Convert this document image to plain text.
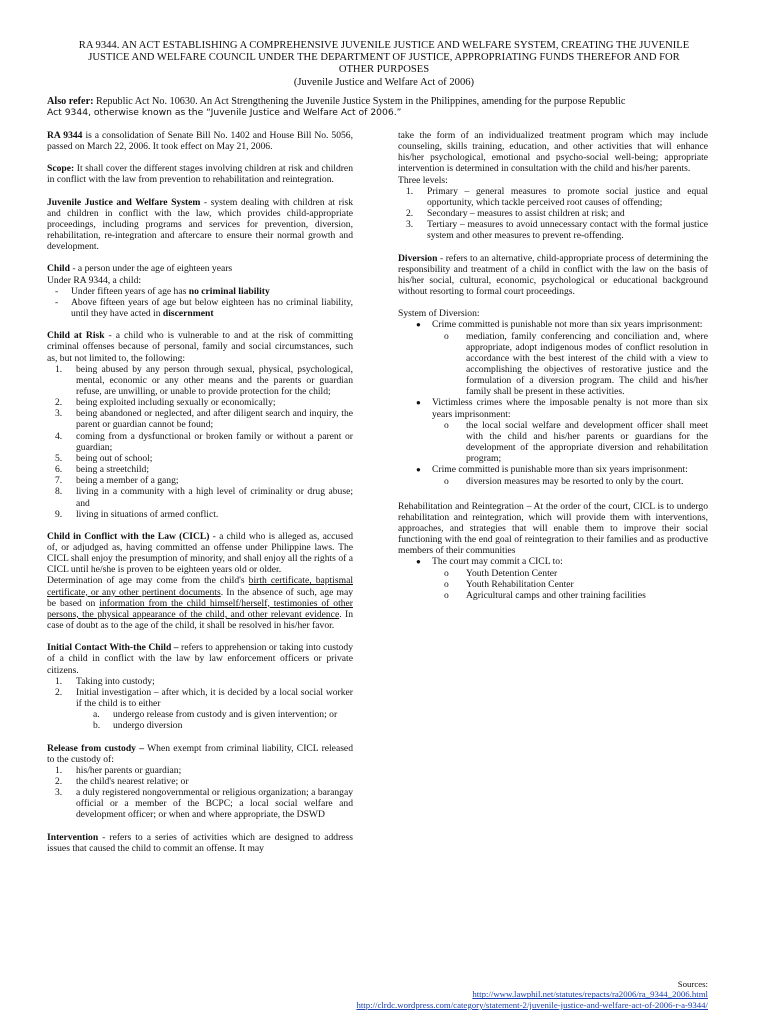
RA 9344. AN ACT ESTABLISHING A COMPREHENSIVE JUVENILE JUSTICE AND WELFARE SYSTEM, CREATING THE JUVENILE
JUSTICE AND WELFARE COUNCIL UNDER THE DEPARTMENT OF JUSTICE, APPROPRIATING FUNDS THEREFOR AND FOR
OTHER PURPOSES
(Juvenile Justice and Welfare Act of 2006)
Also refer: Republic Act No. 10630. An Act Strengthening the Juvenile Justice System in the Philippines, amending for the purpose Republic
Act 9344, otherwise known as the “Juvenile Justice and Welfare Act of 2006.”

RA 9344 is a consolidation of Senate Bill No. 1402 and House Bill No. 5056, passed on March 22, 2006. It took effect on May 21, 2006.

Scope: It shall cover the different stages involving children at risk and children in conflict with the law from prevention to rehabilitation and reintegration.

Juvenile Justice and Welfare System - system dealing with children at risk and children in conflict with the law, which provides child-appropriate proceedings, including programs and services for prevention, diversion, rehabilitation, re-integration and aftercare to ensure their normal growth and development.

Child - a person under the age of eighteen years

Under RA 9344, a child:

- Under fifteen years of age has no criminal liability
- Above fifteen years of age but below eighteen has no criminal liability, until they have acted in discernment

Child at Risk - a child who is vulnerable to and at the risk of committing criminal offenses because of personal, family and social circumstances, such as, but not limited to, the following:

1. being abused by any person through sexual, physical, psychological, mental, economic or any other means and the parents or guardian refuse, are unwilling, or unable to provide protection for the child;
2. being exploited including sexually or economically;
3. being abandoned or neglected, and after diligent search and inquiry, the parent or guardian cannot be found;
4. coming from a dysfunctional or broken family or without a parent or guardian;
5. being out of school;
6. being a streetchild;
7. being a member of a gang;
8. living in a community with a high level of criminality or drug abuse; and
9. living in situations of armed conflict.

Child in Conflict with the Law (CICL) - a child who is alleged as, accused of, or adjudged as, having committed an offense under Philippine laws. The CICL shall enjoy the presumption of minority, and shall enjoy all the rights of a CICL until he/she is proven to be eighteen years old or older.

Determination of age may come from the child's birth certificate, baptismal certificate, or any other pertinent documents. In the absence of such, age may be based on information from the child himself/herself, testimonies of other persons, the physical appearance of the child, and other relevant evidence. In case of doubt as to the age of the child, it shall be resolved in his/her favor.

Initial Contact With-the Child – refers to apprehension or taking into custody of a child in conflict with the law by law enforcement officers or private citizens.

1. Taking into custody;
2. Initial investigation – after which, it is decided by a local social worker if the child is to either
a. undergo release from custody and is given intervention; or
b. undergo diversion

Release from custody – When exempt from criminal liability, CICL released to the custody of:

1. his/her parents or guardian;
2. the child's nearest relative; or
3. a duly registered nongovernmental or religious organization; a barangay official or a member of the BCPC; a local social welfare and development officer; or when and where appropriate, the DSWD

Intervention - refers to a series of activities which are designed to address issues that caused the child to commit an offense. It may

take the form of an individualized treatment program which may include counseling, skills training, education, and other activities that will enhance his/her psychological, emotional and psycho-social well-being; appropriate intervention is determined in consultation with the child and his/her parents.

Three levels:

1. Primary – general measures to promote social justice and equal opportunity, which tackle perceived root causes of offending;
2. Secondary – measures to assist children at risk; and
3. Tertiary – measures to avoid unnecessary contact with the formal justice system and other measures to prevent re-offending.

Diversion - refers to an alternative, child-appropriate process of determining the responsibility and treatment of a child in conflict with the law on the basis of his/her social, cultural, economic, psychological or educational background without resorting to formal court proceedings.

System of Diversion:

● Crime committed is punishable not more than six years imprisonment:
o mediation, family conferencing and conciliation and, where appropriate, adopt indigenous modes of conflict resolution in accordance with the best interest of the child with a view to accomplishing the objectives of restorative justice and the formulation of a diversion program. The child and his/her family shall be present in these activities.
● Victimless crimes where the imposable penalty is not more than six years imprisonment:
o the local social welfare and development officer shall meet with the child and his/her parents or guardians for the development of the appropriate diversion and rehabilitation program;
● Crime committed is punishable more than six years imprisonment:
o diversion measures may be resorted to only by the court.

Rehabilitation and Reintegration – At the order of the court, CICL is to undergo rehabilitation and reintegration, which will provide them with interventions, approaches, and strategies that will enable them to improve their social functioning with the end goal of reintegration to their families and as productive members of their communities

● The court may commit a CICL to:
o Youth Detention Center
o Youth Rehabilitation Center
o Agricultural camps and other training facilities
Sources:
http://www.lawphil.net/statutes/repacts/ra2006/ra_9344_2006.html
http://clrdc.wordpress.com/category/statement-2/juvenile-justice-and-welfare-act-of-2006-r-a-9344/
